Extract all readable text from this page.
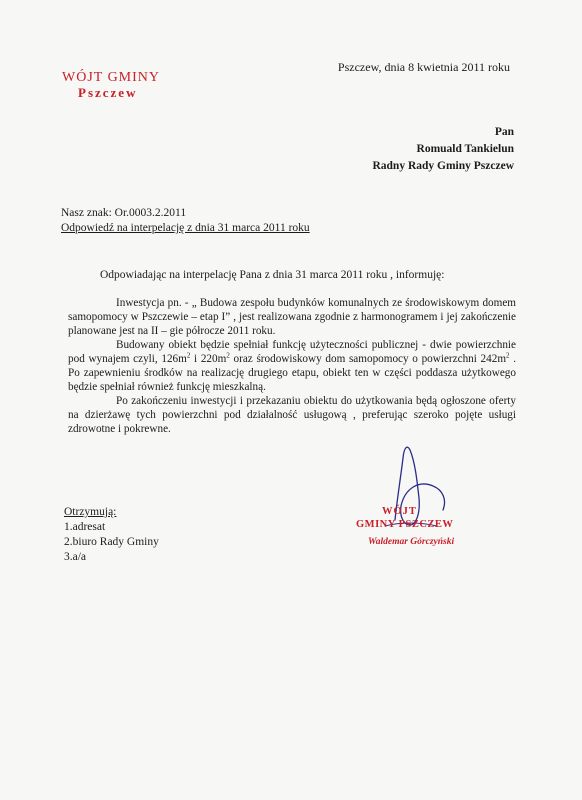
WÓJT GMINY
Pszczew
Pszczew, dnia 8 kwietnia 2011 roku
Pan
Romuald Tankielun
Radny Rady Gminy Pszczew
Nasz znak: Or.0003.2.2011
Odpowiedź na interpelację z dnia 31 marca 2011 roku
Odpowiadając na interpelację Pana z dnia 31 marca 2011 roku , informuję:

Inwestycja pn. - „ Budowa zespołu budynków komunalnych ze środowiskowym domem samopomocy w Pszczewie – etap I” , jest realizowana zgodnie z harmonogramem i jej zakończenie planowane jest na II – gie półrocze 2011 roku.

Budowany obiekt będzie spełniał funkcję użyteczności publicznej - dwie powierzchnie pod wynajem czyli, $126m^2$ i $220m^2$ oraz środowiskowy dom samopomocy o powierzchni $242m^2$ . Po zapewnieniu środków na realizację drugiego etapu, obiekt ten w części poddasza użytkowego będzie spełniał również funkcję mieszkalną.

Po zakończeniu inwestycji i przekazaniu obiektu do użytkowania będą ogłoszone oferty na dzierżawę tych powierzchni pod działalność usługową , preferując szeroko pojęte usługi zdrowotne i pokrewne.

WÓJT
GMINY PSZCZEW
Waldemar Górczyński
Otrzymują:
1.adresat
2.biuro Rady Gminy
3.a/a
